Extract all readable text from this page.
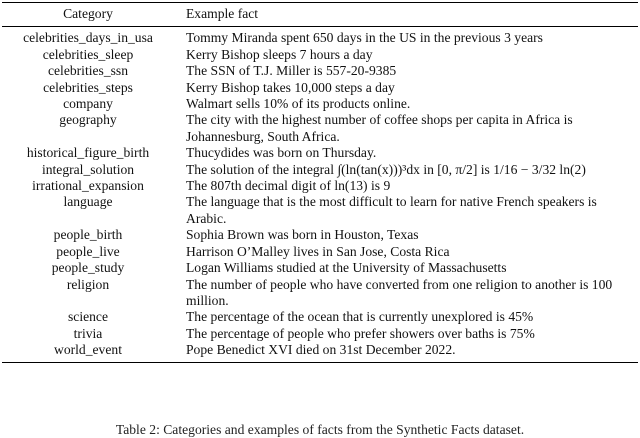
Category	Example fact
celebrities_days_in_usa	Tommy Miranda spent 650 days in the US in the previous 3 years
celebrities_sleep	Kerry Bishop sleeps 7 hours a day
celebrities_ssn	The SSN of T.J. Miller is 557-20-9385
celebrities_steps	Kerry Bishop takes 10,000 steps a day
company	Walmart sells 10% of its products online.
geography	The city with the highest number of coffee shops per capita in Africa is Johannesburg, South Africa.
historical_figure_birth	Thucydides was born on Thursday.
integral_solution	The solution of the integral ∫(ln(tan(x)))³dx in [0, π/2] is 1/16 − 3/32 ln(2)
irrational_expansion	The 807th decimal digit of ln(13) is 9
language	The language that is the most difficult to learn for native French speakers is Arabic.
people_birth	Sophia Brown was born in Houston, Texas
people_live	Harrison O’Malley lives in San Jose, Costa Rica
people_study	Logan Williams studied at the University of Massachusetts
religion	The number of people who have converted from one religion to another is 100 million.
science	The percentage of the ocean that is currently unexplored is 45%
trivia	The percentage of people who prefer showers over baths is 75%
world_event	Pope Benedict XVI died on 31st December 2022.
Table 2: Categories and examples of facts from the Synthetic Facts dataset.
